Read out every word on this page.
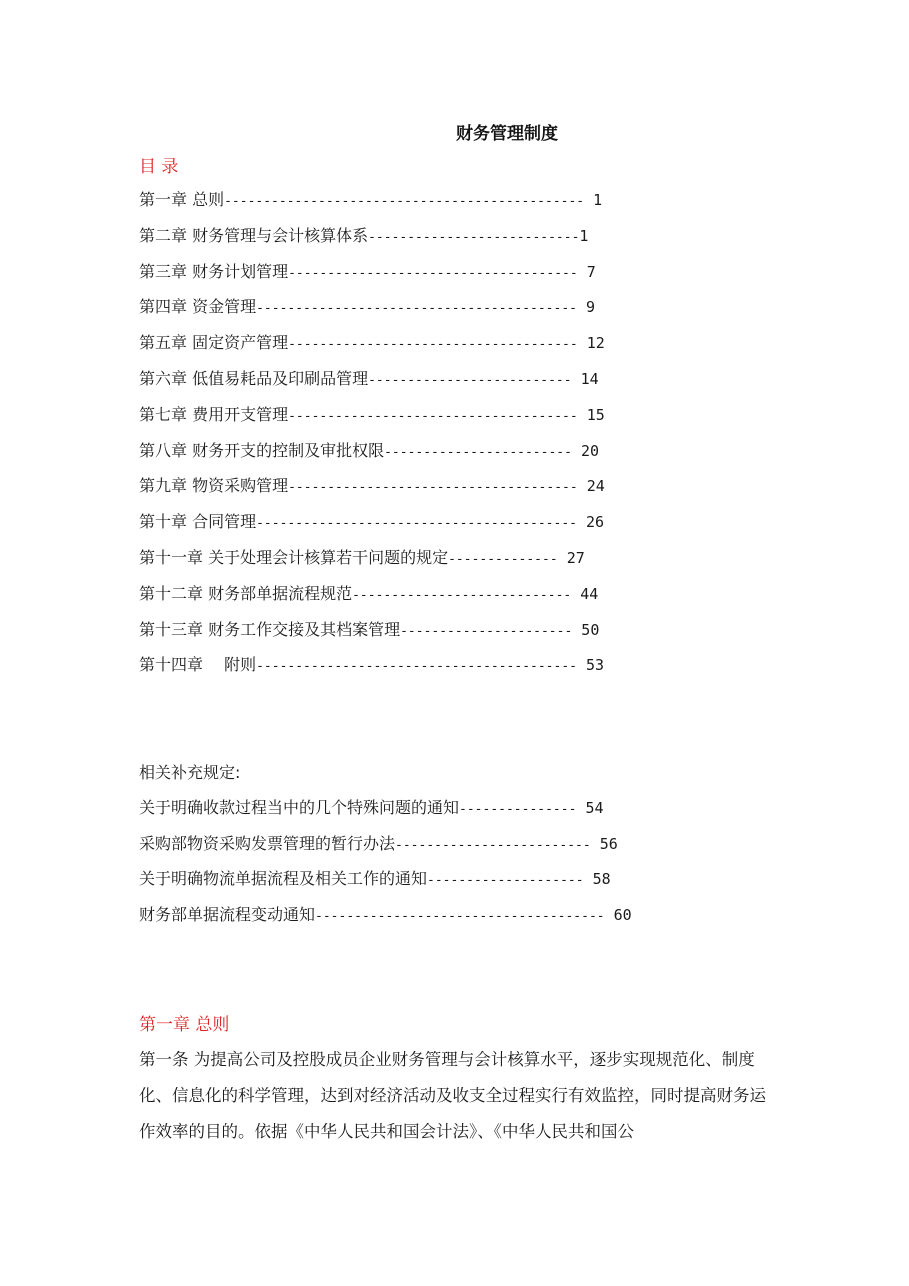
财务管理制度
目 录
第一章 总则---------------------------------------------- 1
第二章 财务管理与会计核算体系---------------------------1
第三章 财务计划管理------------------------------------- 7
第四章 资金管理----------------------------------------- 9
第五章 固定资产管理------------------------------------- 12
第六章 低值易耗品及印刷品管理-------------------------- 14
第七章 费用开支管理------------------------------------- 15
第八章 财务开支的控制及审批权限------------------------ 20
第九章 物资采购管理------------------------------------- 24
第十章 合同管理----------------------------------------- 26
第十一章 关于处理会计核算若干问题的规定-------------- 27
第十二章 财务部单据流程规范---------------------------- 44
第十三章 财务工作交接及其档案管理---------------------- 50
第十四章　 附则----------------------------------------- 53
相关补充规定:
关于明确收款过程当中的几个特殊问题的通知--------------- 54
采购部物资采购发票管理的暂行办法------------------------- 56
关于明确物流单据流程及相关工作的通知-------------------- 58
财务部单据流程变动通知------------------------------------- 60
第一章 总则
第一条 为提高公司及控股成员企业财务管理与会计核算水平，逐步实现规范化、制度化、信息化的科学管理，达到对经济活动及收支全过程实行有效监控，同时提高财务运作效率的目的。依据《中华人民共和国会计法》、《中华人民共和国公
